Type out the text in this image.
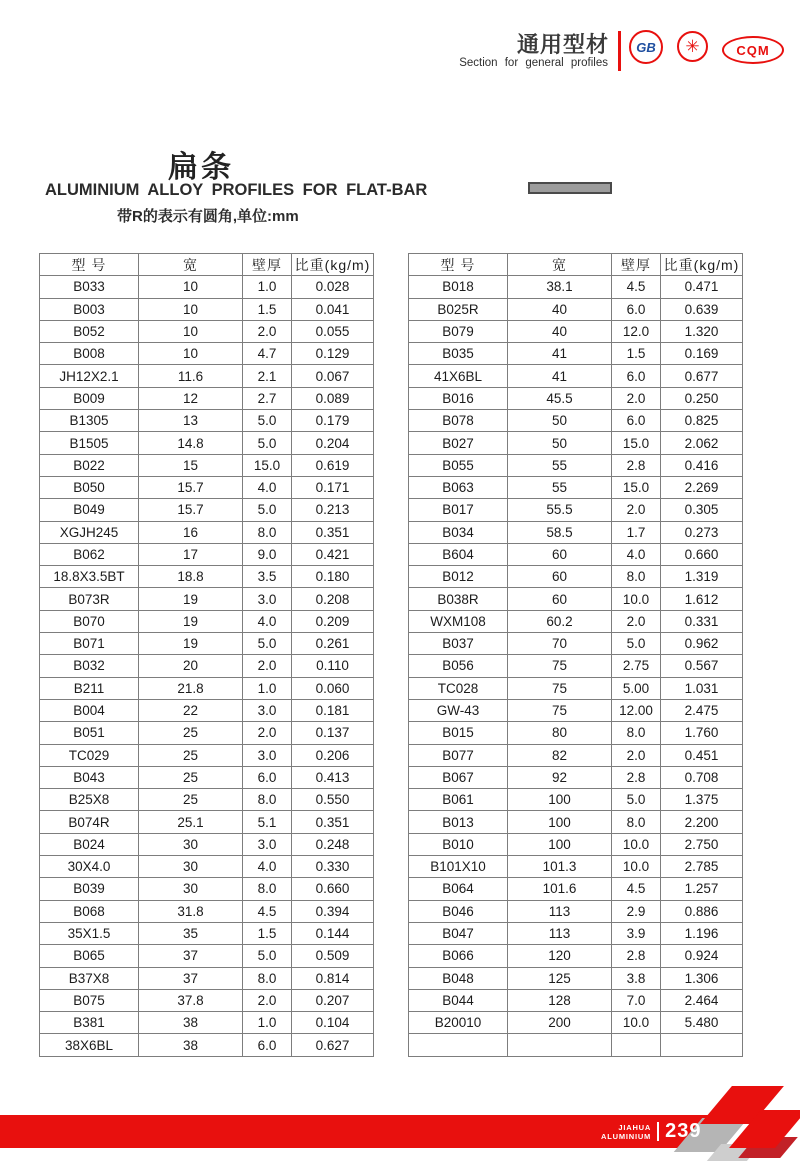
通用型材
Section for general profiles
GB ✳	CQM
扁条
ALUMINIUM ALLOY PROFILES FOR FLAT-BAR
带R的表示有圆角,单位:mm
型 号	宽	壁厚	比重(kg/m)
B033	10	1.0	0.028
B003	10	1.5	0.041
B052	10	2.0	0.055
B008	10	4.7	0.129
JH12X2.1	11.6	2.1	0.067
B009	12	2.7	0.089
B1305	13	5.0	0.179
B1505	14.8	5.0	0.204
B022	15	15.0	0.619
B050	15.7	4.0	0.171
B049	15.7	5.0	0.213
XGJH245	16	8.0	0.351
B062	17	9.0	0.421
18.8X3.5BT	18.8	3.5	0.180
B073R	19	3.0	0.208
B070	19	4.0	0.209
B071	19	5.0	0.261
B032	20	2.0	0.110
B211	21.8	1.0	0.060
B004	22	3.0	0.181
B051	25	2.0	0.137
TC029	25	3.0	0.206
B043	25	6.0	0.413
B25X8	25	8.0	0.550
B074R	25.1	5.1	0.351
B024	30	3.0	0.248
30X4.0	30	4.0	0.330
B039	30	8.0	0.660
B068	31.8	4.5	0.394
35X1.5	35	1.5	0.144
B065	37	5.0	0.509
B37X8	37	8.0	0.814
B075	37.8	2.0	0.207
B381	38	1.0	0.104
38X6BL	38	6.0	0.627
型 号	宽	壁厚	比重(kg/m)
B018	38.1	4.5	0.471
B025R	40	6.0	0.639
B079	40	12.0	1.320
B035	41	1.5	0.169
41X6BL	41	6.0	0.677
B016	45.5	2.0	0.250
B078	50	6.0	0.825
B027	50	15.0	2.062
B055	55	2.8	0.416
B063	55	15.0	2.269
B017	55.5	2.0	0.305
B034	58.5	1.7	0.273
B604	60	4.0	0.660
B012	60	8.0	1.319
B038R	60	10.0	1.612
WXM108	60.2	2.0	0.331
B037	70	5.0	0.962
B056	75	2.75	0.567
TC028	75	5.00	1.031
GW-43	75	12.00	2.475
B015	80	8.0	1.760
B077	82	2.0	0.451
B067	92	2.8	0.708
B061	100	5.0	1.375
B013	100	8.0	2.200
B010	100	10.0	2.750
B101X10	101.3	10.0	2.785
B064	101.6	4.5	1.257
B046	113	2.9	0.886
B047	113	3.9	1.196
B066	120	2.8	0.924
B048	125	3.8	1.306
B044	128	7.0	2.464
B20010	200	10.0	5.480

JIAHUA
ALUMINIUM 239
